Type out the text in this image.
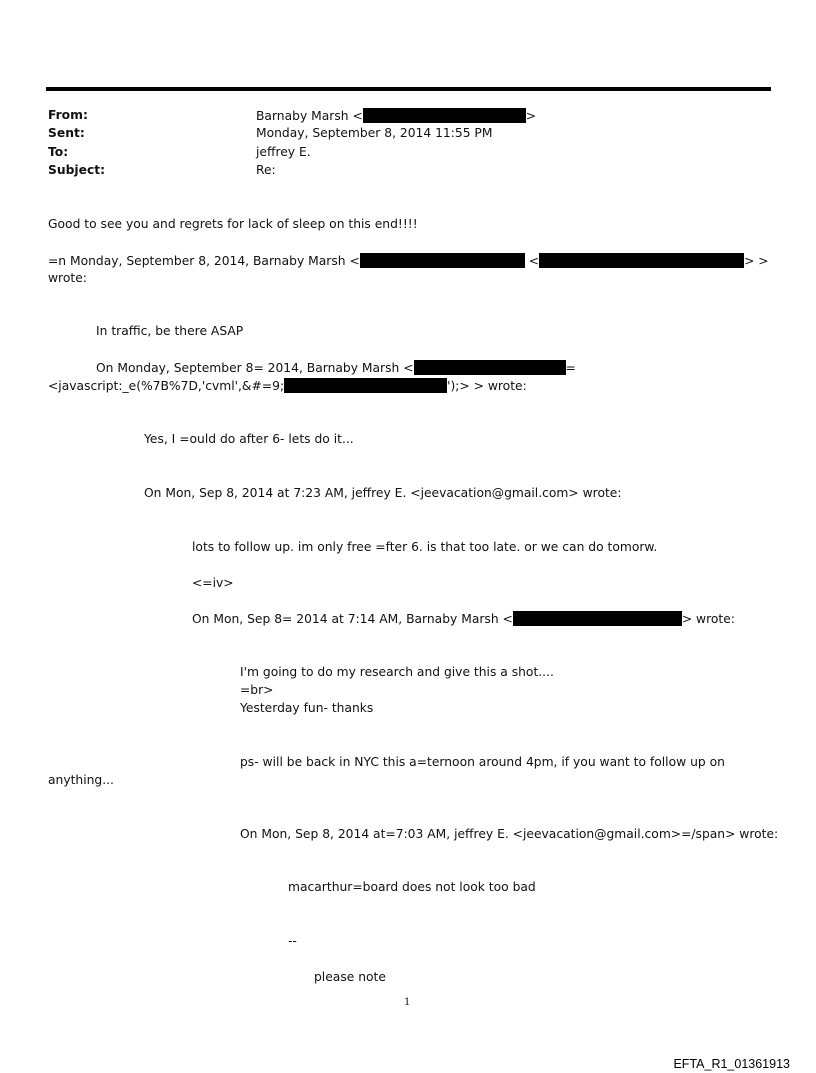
From:	Barnaby Marsh <	>
Sent:	Monday, September 8, 2014 11:55 PM
To:	jeffrey E.
Subject:	Re:
Good to see you and regrets for lack of sleep on this end!!!!
=n Monday, September 8, 2014, Barnaby Marsh <	<	> >
wrote:
In traffic, be there ASAP
On Monday, September 8= 2014, Barnaby Marsh <	=
<javascript:_e(%7B%7D,'cvml',&#=9;	');> > wrote:
Yes, I =ould do after 6- lets do it...
On Mon, Sep 8, 2014 at 7:23 AM, jeffrey E. <jeevacation@gmail.com> wrote:
lots to follow up. im only free =fter 6. is that too late. or we can do tomorw.
<=iv>
On Mon, Sep 8= 2014 at 7:14 AM, Barnaby Marsh <	> wrote:
I'm going to do my research and give this a shot....
=br>
Yesterday fun- thanks
ps- will be back in NYC this a=ternoon around 4pm, if you want to follow up on
anything...
On Mon, Sep 8, 2014 at=7:03 AM, jeffrey E. <jeevacation@gmail.com>=/span> wrote:
macarthur=board does not look too bad
--
please note
1
EFTA_R1_01361913
